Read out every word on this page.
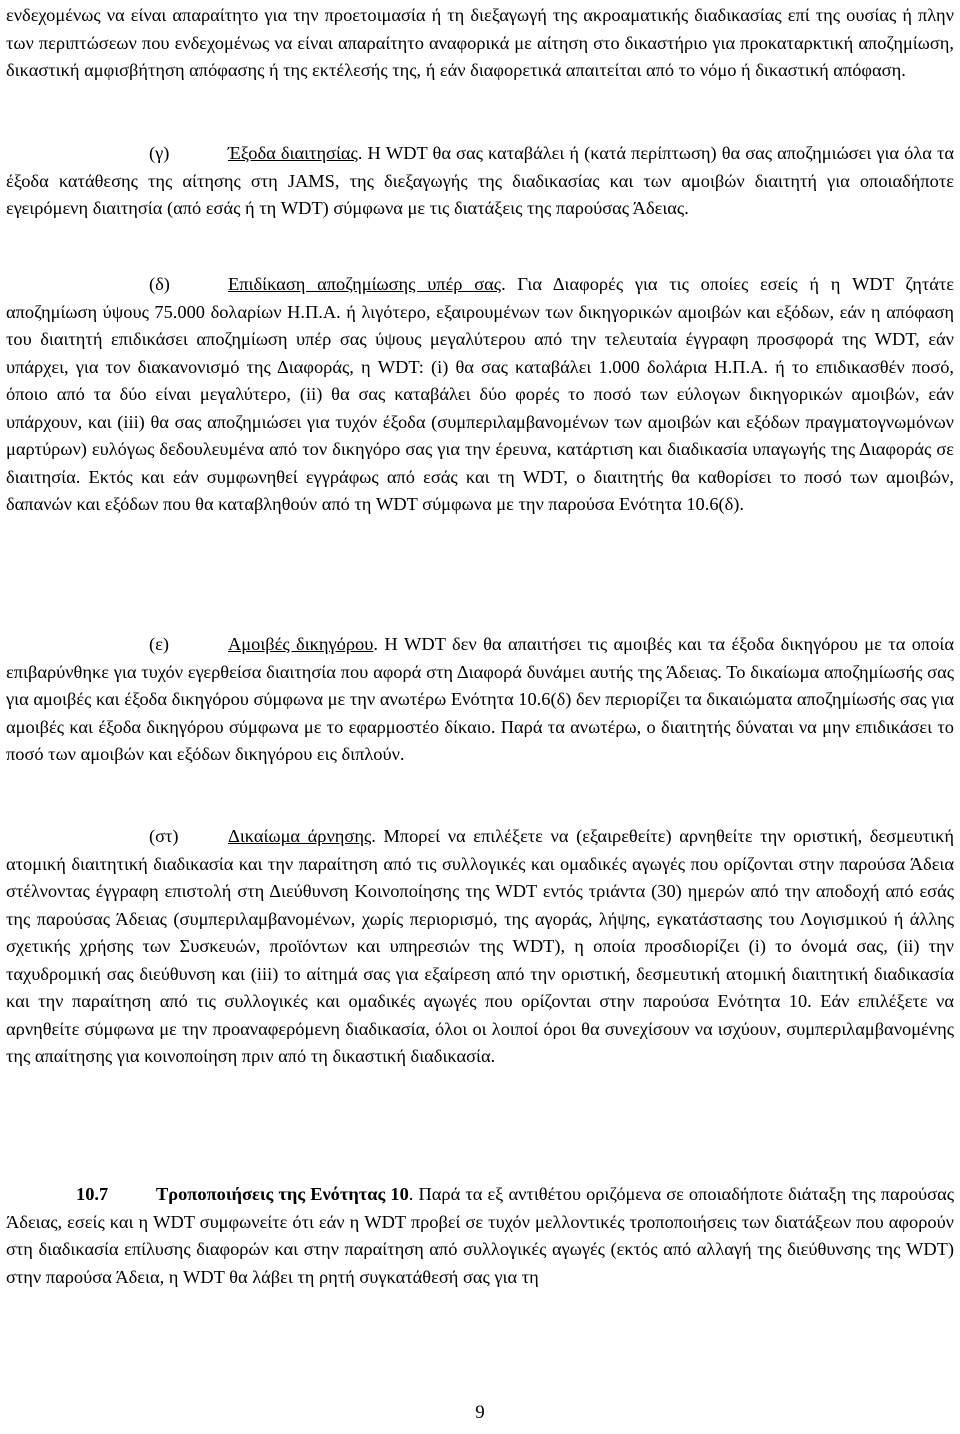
ενδεχομένως να είναι απαραίτητο για την προετοιμασία ή τη διεξαγωγή της ακροαματικής διαδικασίας επί της ουσίας ή πλην των περιπτώσεων που ενδεχομένως να είναι απαραίτητο αναφορικά με αίτηση στο δικαστήριο για προκαταρκτική αποζημίωση, δικαστική αμφισβήτηση απόφασης ή της εκτέλεσής της, ή εάν διαφορετικά απαιτείται από το νόμο ή δικαστική απόφαση.

(γ)	Έξοδα διαιτησίας. Η WDT θα σας καταβάλει ή (κατά περίπτωση) θα σας αποζημιώσει για όλα τα έξοδα κατάθεσης της αίτησης στη JAMS, της διεξαγωγής της διαδικασίας και των αμοιβών διαιτητή για οποιαδήποτε εγειρόμενη διαιτησία (από εσάς ή τη WDT) σύμφωνα με τις διατάξεις της παρούσας Άδειας.

(δ)	Επιδίκαση αποζημίωσης υπέρ σας. Για Διαφορές για τις οποίες εσείς ή η WDT ζητάτε αποζημίωση ύψους 75.000 δολαρίων Η.Π.Α. ή λιγότερο, εξαιρουμένων των δικηγορικών αμοιβών και εξόδων, εάν η απόφαση του διαιτητή επιδικάσει αποζημίωση υπέρ σας ύψους μεγαλύτερου από την τελευταία έγγραφη προσφορά της WDT, εάν υπάρχει, για τον διακανονισμό της Διαφοράς, η WDT: (i) θα σας καταβάλει 1.000 δολάρια Η.Π.Α. ή το επιδικασθέν ποσό, όποιο από τα δύο είναι μεγαλύτερο, (ii) θα σας καταβάλει δύο φορές το ποσό των εύλογων δικηγορικών αμοιβών, εάν υπάρχουν, και (iii) θα σας αποζημιώσει για τυχόν έξοδα (συμπεριλαμβανομένων των αμοιβών και εξόδων πραγματογνωμόνων μαρτύρων) ευλόγως δεδουλευμένα από τον δικηγόρο σας για την έρευνα, κατάρτιση και διαδικασία υπαγωγής της Διαφοράς σε διαιτησία. Εκτός και εάν συμφωνηθεί εγγράφως από εσάς και τη WDT, ο διαιτητής θα καθορίσει το ποσό των αμοιβών, δαπανών και εξόδων που θα καταβληθούν από τη WDT σύμφωνα με την παρούσα Ενότητα 10.6(δ).

(ε)	Αμοιβές δικηγόρου. Η WDT δεν θα απαιτήσει τις αμοιβές και τα έξοδα δικηγόρου με τα οποία επιβαρύνθηκε για τυχόν εγερθείσα διαιτησία που αφορά στη Διαφορά δυνάμει αυτής της Άδειας. Το δικαίωμα αποζημίωσής σας για αμοιβές και έξοδα δικηγόρου σύμφωνα με την ανωτέρω Ενότητα 10.6(δ) δεν περιορίζει τα δικαιώματα αποζημίωσής σας για αμοιβές και έξοδα δικηγόρου σύμφωνα με το εφαρμοστέο δίκαιο. Παρά τα ανωτέρω, ο διαιτητής δύναται να μην επιδικάσει το ποσό των αμοιβών και εξόδων δικηγόρου εις διπλούν.

(στ)	Δικαίωμα άρνησης. Μπορεί να επιλέξετε να (εξαιρεθείτε) αρνηθείτε την οριστική, δεσμευτική ατομική διαιτητική διαδικασία και την παραίτηση από τις συλλογικές και ομαδικές αγωγές που ορίζονται στην παρούσα Άδεια στέλνοντας έγγραφη επιστολή στη Διεύθυνση Κοινοποίησης της WDT εντός τριάντα (30) ημερών από την αποδοχή από εσάς της παρούσας Άδειας (συμπεριλαμβανομένων, χωρίς περιορισμό, της αγοράς, λήψης, εγκατάστασης του Λογισμικού ή άλλης σχετικής χρήσης των Συσκευών, προϊόντων και υπηρεσιών της WDT), η οποία προσδιορίζει (i) το όνομά σας, (ii) την ταχυδρομική σας διεύθυνση και (iii) το αίτημά σας για εξαίρεση από την οριστική, δεσμευτική ατομική διαιτητική διαδικασία και την παραίτηση από τις συλλογικές και ομαδικές αγωγές που ορίζονται στην παρούσα Ενότητα 10. Εάν επιλέξετε να αρνηθείτε σύμφωνα με την προαναφερόμενη διαδικασία, όλοι οι λοιποί όροι θα συνεχίσουν να ισχύουν, συμπεριλαμβανομένης της απαίτησης για κοινοποίηση πριν από τη δικαστική διαδικασία.

10.7	Τροποποιήσεις της Ενότητας 10. Παρά τα εξ αντιθέτου οριζόμενα σε οποιαδήποτε διάταξη της παρούσας Άδειας, εσείς και η WDT συμφωνείτε ότι εάν η WDT προβεί σε τυχόν μελλοντικές τροποποιήσεις των διατάξεων που αφορούν στη διαδικασία επίλυσης διαφορών και στην παραίτηση από συλλογικές αγωγές (εκτός από αλλαγή της διεύθυνσης της WDT) στην παρούσα Άδεια, η WDT θα λάβει τη ρητή συγκατάθεσή σας για τη

9
